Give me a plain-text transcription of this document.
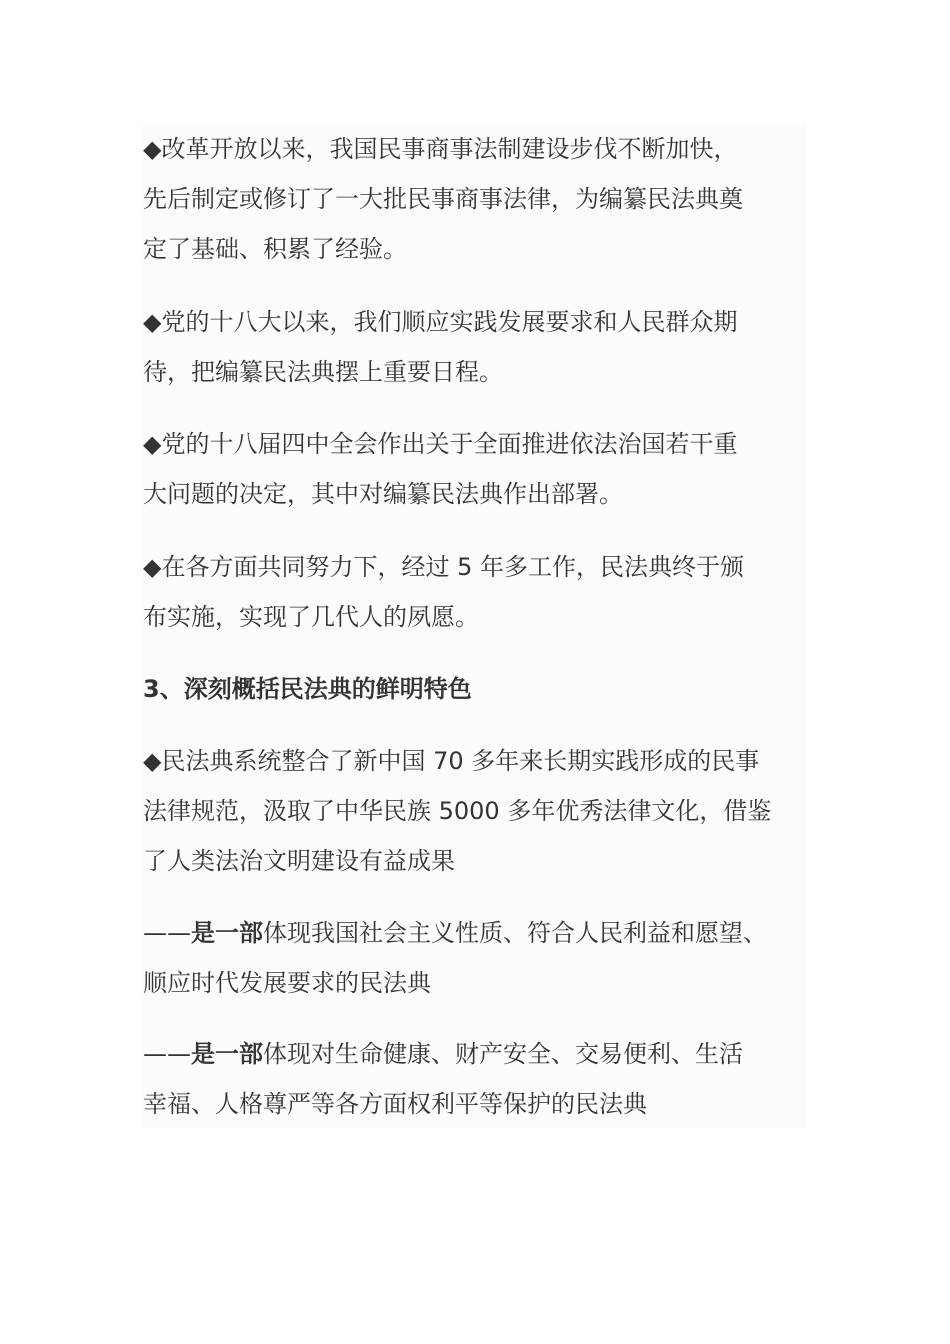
◆改革开放以来，我国民事商事法制建设步伐不断加快，
先后制定或修订了一大批民事商事法律，为编纂民法典奠
定了基础、积累了经验。

◆党的十八大以来，我们顺应实践发展要求和人民群众期
待，把编纂民法典摆上重要日程。

◆党的十八届四中全会作出关于全面推进依法治国若干重
大问题的决定，其中对编纂民法典作出部署。

◆在各方面共同努力下，经过 5 年多工作，民法典终于颁
布实施，实现了几代人的夙愿。

3、深刻概括民法典的鲜明特色

◆民法典系统整合了新中国 70 多年来长期实践形成的民事
法律规范，汲取了中华民族 5000 多年优秀法律文化，借鉴
了人类法治文明建设有益成果

——是一部体现我国社会主义性质、符合人民利益和愿望、
顺应时代发展要求的民法典

——是一部体现对生命健康、财产安全、交易便利、生活
幸福、人格尊严等各方面权利平等保护的民法典
